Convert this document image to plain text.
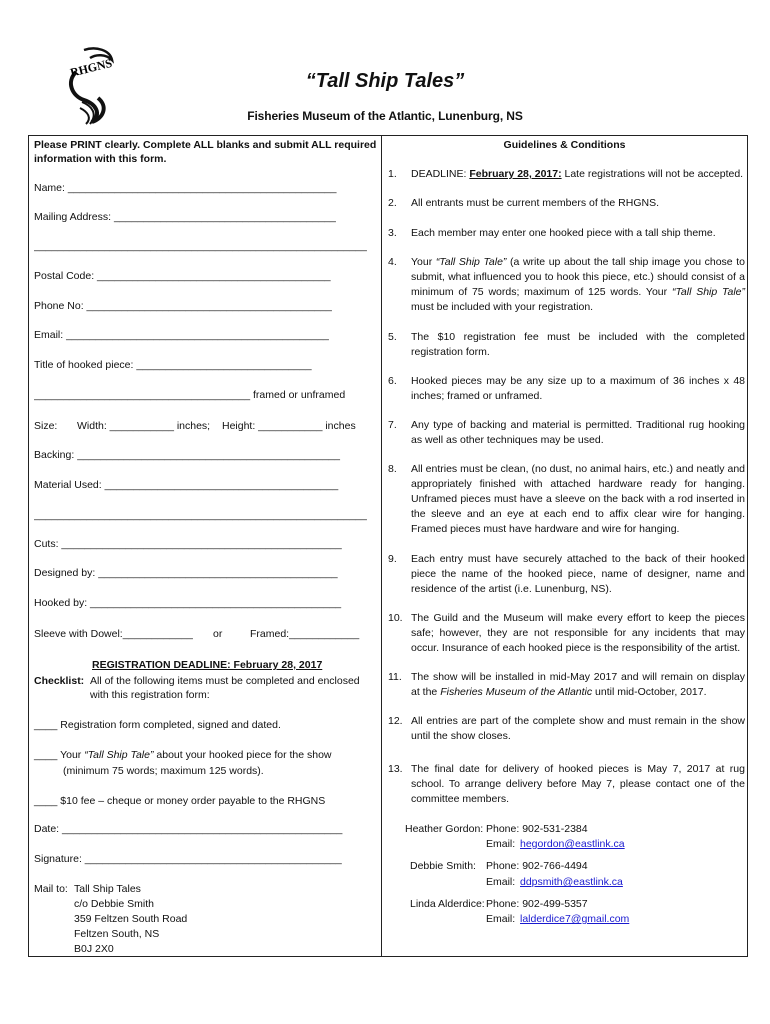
RHGNS
“Tall Ship Tales”
Fisheries Museum of the Atlantic, Lunenburg, NS
Please PRINT clearly. Complete ALL blanks and submit ALL required information with this form.
Name: ______________________________________________
Mailing Address: ______________________________________
_________________________________________________________
Postal Code: ________________________________________
Phone No: __________________________________________
Email: _____________________________________________
Title of hooked piece: ______________________________
_____________________________________ framed or unframed
Size: Width: ___________ inches; Height: ___________ inches
Backing: _____________________________________________
Material Used: ________________________________________
_________________________________________________________
Cuts: ________________________________________________
Designed by: _________________________________________
Hooked by: ___________________________________________
Sleeve with Dowel:____________ or	Framed:____________
REGISTRATION DEADLINE: February 28, 2017
Checklist: All of the following items must be completed and enclosed with this registration form:
____ Registration form completed, signed and dated.
____ Your “Tall Ship Tale” about your hooked piece for the show
(minimum 75 words; maximum 125 words).
____ $10 fee – cheque or money order payable to the RHGNS
Date: ________________________________________________
Signature: ____________________________________________
Mail to: Tall Ship Tales
c/o Debbie Smith
359 Feltzen South Road
Feltzen South, NS
B0J 2X0
Guidelines & Conditions
1.	DEADLINE: February 28, 2017: Late registrations will not be accepted.
2.	All entrants must be current members of the RHGNS.
3.	Each member may enter one hooked piece with a tall ship theme.
4.	Your “Tall Ship Tale” (a write up about the tall ship image you chose to submit, what influenced you to hook this piece, etc.) should consist of a minimum of 75 words; maximum of 125 words. Your “Tall Ship Tale” must be included with your registration.
5.	The $10 registration fee must be included with the completed registration form.
6.	Hooked pieces may be any size up to a maximum of 36 inches x 48 inches; framed or unframed.
7.	Any type of backing and material is permitted. Traditional rug hooking as well as other techniques may be used.
8.	All entries must be clean, (no dust, no animal hairs, etc.) and neatly and appropriately finished with attached hardware ready for hanging. Unframed pieces must have a sleeve on the back with a rod inserted in the sleeve and an eye at each end to affix clear wire for hanging. Framed pieces must have hardware and wire for hanging.
9.	Each entry must have securely attached to the back of their hooked piece the name of the hooked piece, name of designer, name and residence of the artist (i.e. Lunenburg, NS).
10. The Guild and the Museum will make every effort to keep the pieces safe; however, they are not responsible for any incidents that may occur. Insurance of each hooked piece is the responsibility of the artist.
11. The show will be installed in mid-May 2017 and will remain on display at the Fisheries Museum of the Atlantic until mid-October, 2017.
12. All entries are part of the complete show and must remain in the show until the show closes.
13. The final date for delivery of hooked pieces is May 7, 2017 at rug school. To arrange delivery before May 7, please contact one of the committee members.
Heather Gordon: Phone: 902-531-2384
Email: hegordon@eastlink.ca
Debbie Smith: Phone: 902-766-4494
Email: ddpsmith@eastlink.ca
Linda Alderdice: Phone: 902-499-5357
Email: lalderdice7@gmail.com
